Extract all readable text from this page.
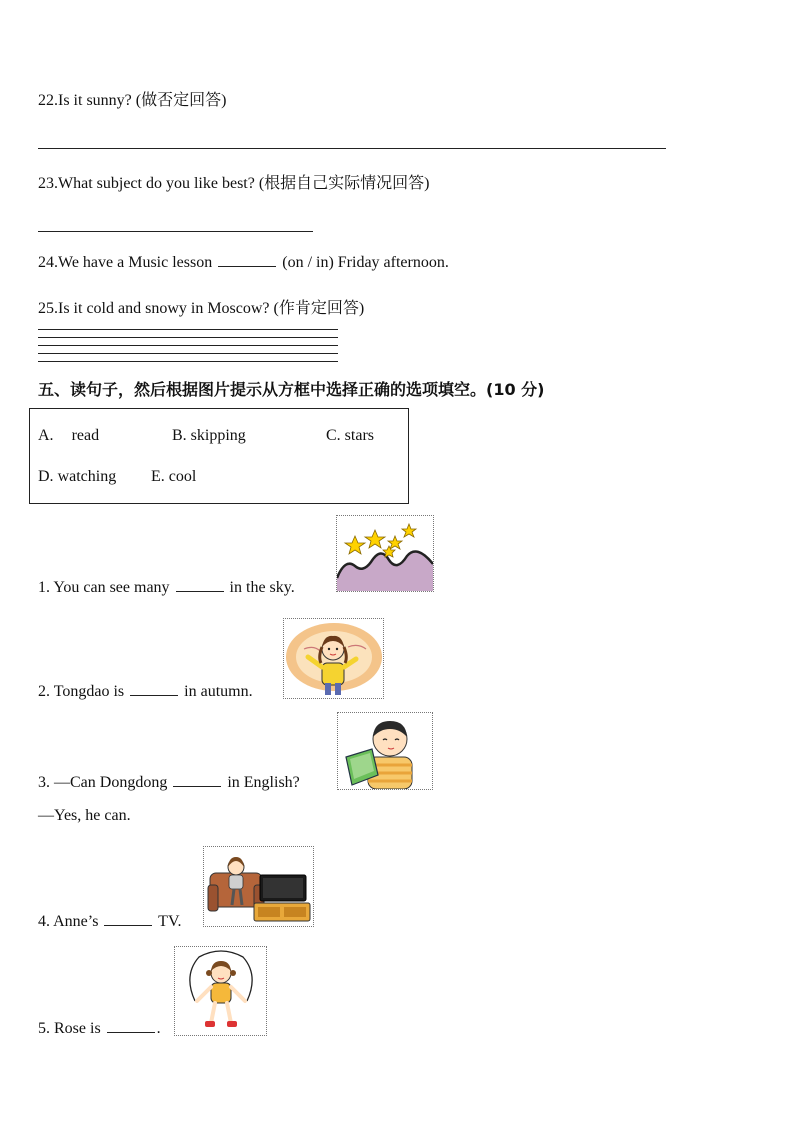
22.Is it sunny? (做否定回答)
23.What subject do you like best? (根据自己实际情况回答)
24.We have a Music lesson	(on / in) Friday afternoon.
25.Is it cold and snowy in Moscow? (作肯定回答)
五、读句子，然后根据图片提示从方框中选择正确的选项填空。(10 分)
A. read	B. skipping	C. stars
D. watching E. cool
1. You can see many	in the sky.
2. Tongdao is	in autumn.
3. —Can Dongdong	in English?
—Yes, he can.
4. Anne’s	TV.
5. Rose is	.
